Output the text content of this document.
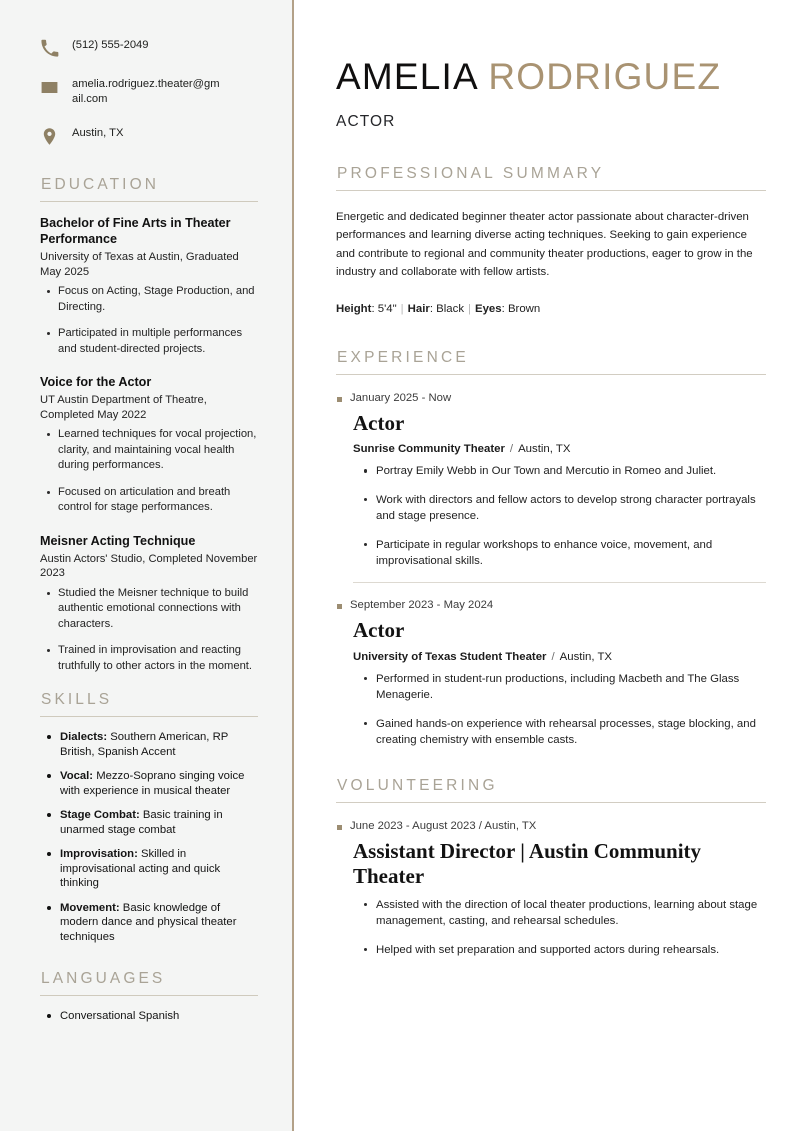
(512) 555-2049
amelia.rodriguez.theater@gmail.com
Austin, TX
EDUCATION
Bachelor of Fine Arts in Theater Performance
University of Texas at Austin, Graduated May 2025
Focus on Acting, Stage Production, and Directing.
Participated in multiple performances and student-directed projects.
Voice for the Actor
UT Austin Department of Theatre, Completed May 2022
Learned techniques for vocal projection, clarity, and maintaining vocal health during performances.
Focused on articulation and breath control for stage performances.
Meisner Acting Technique
Austin Actors' Studio, Completed November 2023
Studied the Meisner technique to build authentic emotional connections with characters.
Trained in improvisation and reacting truthfully to other actors in the moment.
SKILLS
Dialects: Southern American, RP British, Spanish Accent
Vocal: Mezzo-Soprano singing voice with experience in musical theater
Stage Combat: Basic training in unarmed stage combat
Improvisation: Skilled in improvisational acting and quick thinking
Movement: Basic knowledge of modern dance and physical theater techniques
LANGUAGES
Conversational Spanish
AMELIA RODRIGUEZ
ACTOR
PROFESSIONAL SUMMARY

Energetic and dedicated beginner theater actor passionate about character-driven performances and learning diverse acting techniques. Seeking to gain experience and contribute to regional and community theater productions, eager to grow in the industry and collaborate with fellow artists.

Height: 5'4" | Hair: Black | Eyes: Brown
EXPERIENCE
January 2025 - Now
Actor
Sunrise Community Theater / Austin, TX
Portray Emily Webb in Our Town and Mercutio in Romeo and Juliet.
Work with directors and fellow actors to develop strong character portrayals and stage presence.
Participate in regular workshops to enhance voice, movement, and improvisational skills.
September 2023 - May 2024
Actor
University of Texas Student Theater / Austin, TX
Performed in student-run productions, including Macbeth and The Glass Menagerie.
Gained hands-on experience with rehearsal processes, stage blocking, and creating chemistry with ensemble casts.
VOLUNTEERING
June 2023 - August 2023 / Austin, TX
Assistant Director | Austin Community Theater
Assisted with the direction of local theater productions, learning about stage management, casting, and rehearsal schedules.
Helped with set preparation and supported actors during rehearsals.
